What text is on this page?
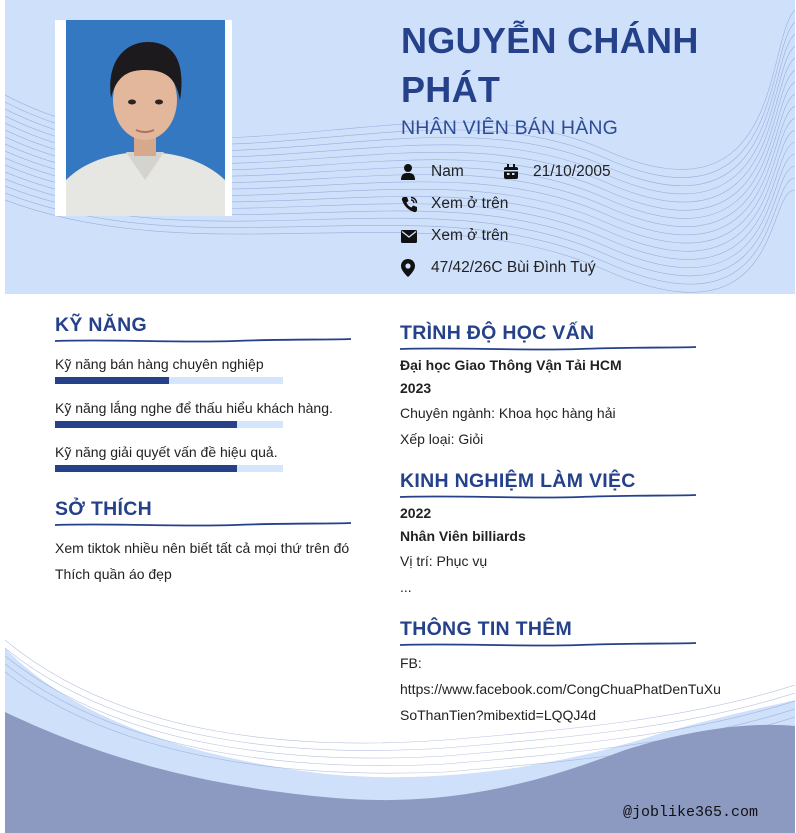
NGUYỄN CHÁNH PHÁT
NHÂN VIÊN BÁN HÀNG
Nam	21/10/2005
Xem ở trên
Xem ở trên
47/42/26C Bùi Đình Tuý
KỸ NĂNG
Kỹ năng bán hàng chuyên nghiệp
Kỹ năng lắng nghe để thấu hiểu khách hàng.
Kỹ năng giải quyết vấn đề hiệu quả.
SỞ THÍCH
Xem tiktok nhiều nên biết tất cả mọi thứ trên đó
Thích quần áo đẹp
TRÌNH ĐỘ HỌC VẤN
Đại học Giao Thông Vận Tải HCM
2023
Chuyên ngành: Khoa học hàng hải
Xếp loại: Giỏi
KINH NGHIỆM LÀM VIỆC
2022
Nhân Viên billiards
Vị trí: Phục vụ
...
THÔNG TIN THÊM
FB:
https://www.facebook.com/CongChuaPhatDenTuXu
SoThanTien?mibextid=LQQJ4d
@joblike365.com
